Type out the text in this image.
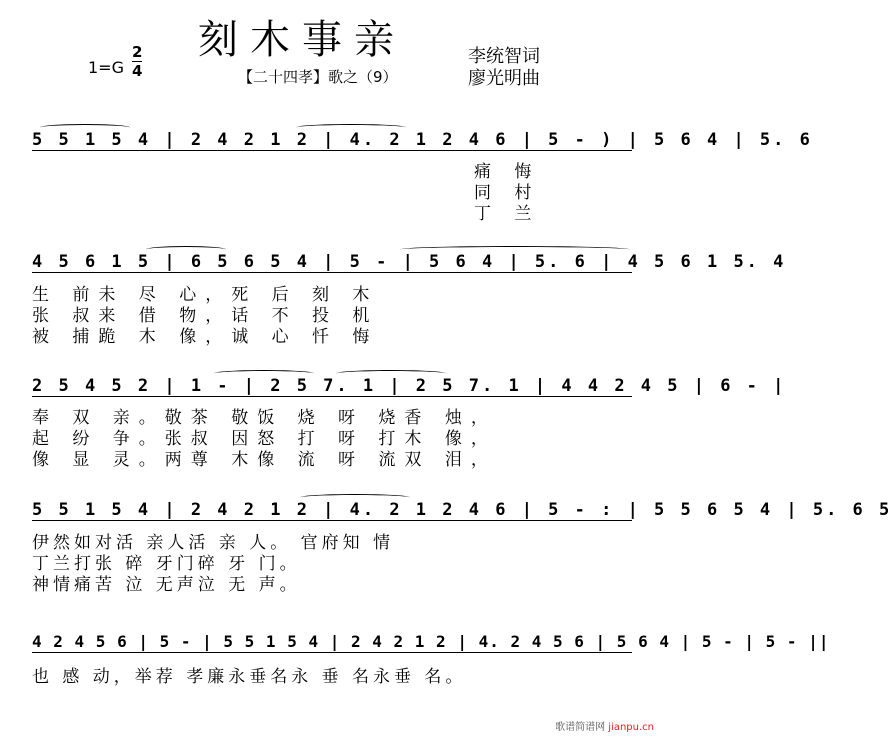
刻木事亲
1=G
2
4	【二十四孝】歌之（9）
李统智词
廖光明曲
5 5 1 5 4 | 2 4 2 1 2 | 4. 2 1 2 4 6 | 5 - ) | 5 6 4 | 5. 6
痛 悔
同 村
丁 兰
4 5 6 1 5 | 6 5 6 5 4 | 5 - | 5 6 4 | 5. 6 | 4 5 6 1 5. 4
生 前未 尽 心，死 后 刻 木
张 叔来 借 物，话 不 投 机
被 捕跪 木 像，诚 心 忏 悔
2 5 4 5 2 | 1 - | 2 5 7. 1 | 2 5 7. 1 | 4 4 2 4 5 | 6 - |
奉 双 亲。敬茶 敬饭 烧 呀 烧香 烛，
起 纷 争。张叔 因怒 打 呀 打木 像，
像 显 灵。两尊 木像 流 呀 流双 泪，
5 5 1 5 4 | 2 4 2 1 2 | 4. 2 1 2 4 6 | 5 - : | 5 5 6 5 4 | 5. 6 5
伊然如对活 亲人活 亲 人。 官府知 情
丁兰打张 碎 牙门碎 牙 门。
神情痛苦 泣 无声泣 无 声。
4 2 4 5 6 | 5 - | 5 5 1 5 4 | 2 4 2 1 2 | 4. 2 4 5 6 | 5 6 4 | 5 - | 5 - ||
也 感 动，举荐 孝廉永垂名永 垂 名永垂 名。
歌谱简谱网 jianpu.cn
